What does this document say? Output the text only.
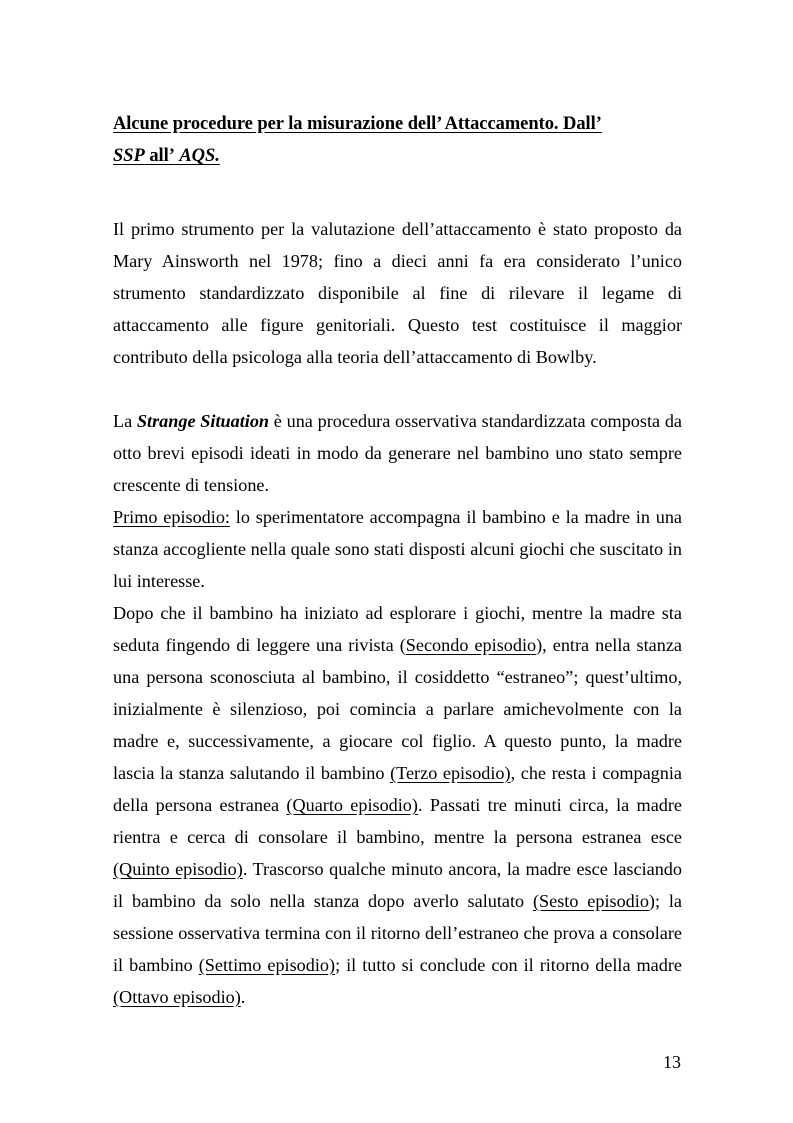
Alcune procedure per la misurazione dell’ Attaccamento. Dall’
SSP all’ AQS.

Il primo strumento per la valutazione dell’attaccamento è stato proposto da Mary Ainsworth nel 1978; fino a dieci anni fa era considerato l’unico strumento standardizzato disponibile al fine di rilevare il legame di attaccamento alle figure genitoriali. Questo test costituisce il maggior contributo della psicologa alla teoria dell’attaccamento di Bowlby.

La Strange Situation è una procedura osservativa standardizzata composta da otto brevi episodi ideati in modo da generare nel bambino uno stato sempre crescente di tensione.

Primo episodio: lo sperimentatore accompagna il bambino e la madre in una stanza accogliente nella quale sono stati disposti alcuni giochi che suscitato in lui interesse.

Dopo che il bambino ha iniziato ad esplorare i giochi, mentre la madre sta seduta fingendo di leggere una rivista (Secondo episodio), entra nella stanza una persona sconosciuta al bambino, il cosiddetto “estraneo”; quest’ultimo, inizialmente è silenzioso, poi comincia a parlare amichevolmente con la madre e, successivamente, a giocare col figlio. A questo punto, la madre lascia la stanza salutando il bambino (Terzo episodio), che resta i compagnia della persona estranea (Quarto episodio). Passati tre minuti circa, la madre rientra e cerca di consolare il bambino, mentre la persona estranea esce (Quinto episodio). Trascorso qualche minuto ancora, la madre esce lasciando il bambino da solo nella stanza dopo averlo salutato (Sesto episodio); la sessione osservativa termina con il ritorno dell’estraneo che prova a consolare il bambino (Settimo episodio); il tutto si conclude con il ritorno della madre (Ottavo episodio).

13
